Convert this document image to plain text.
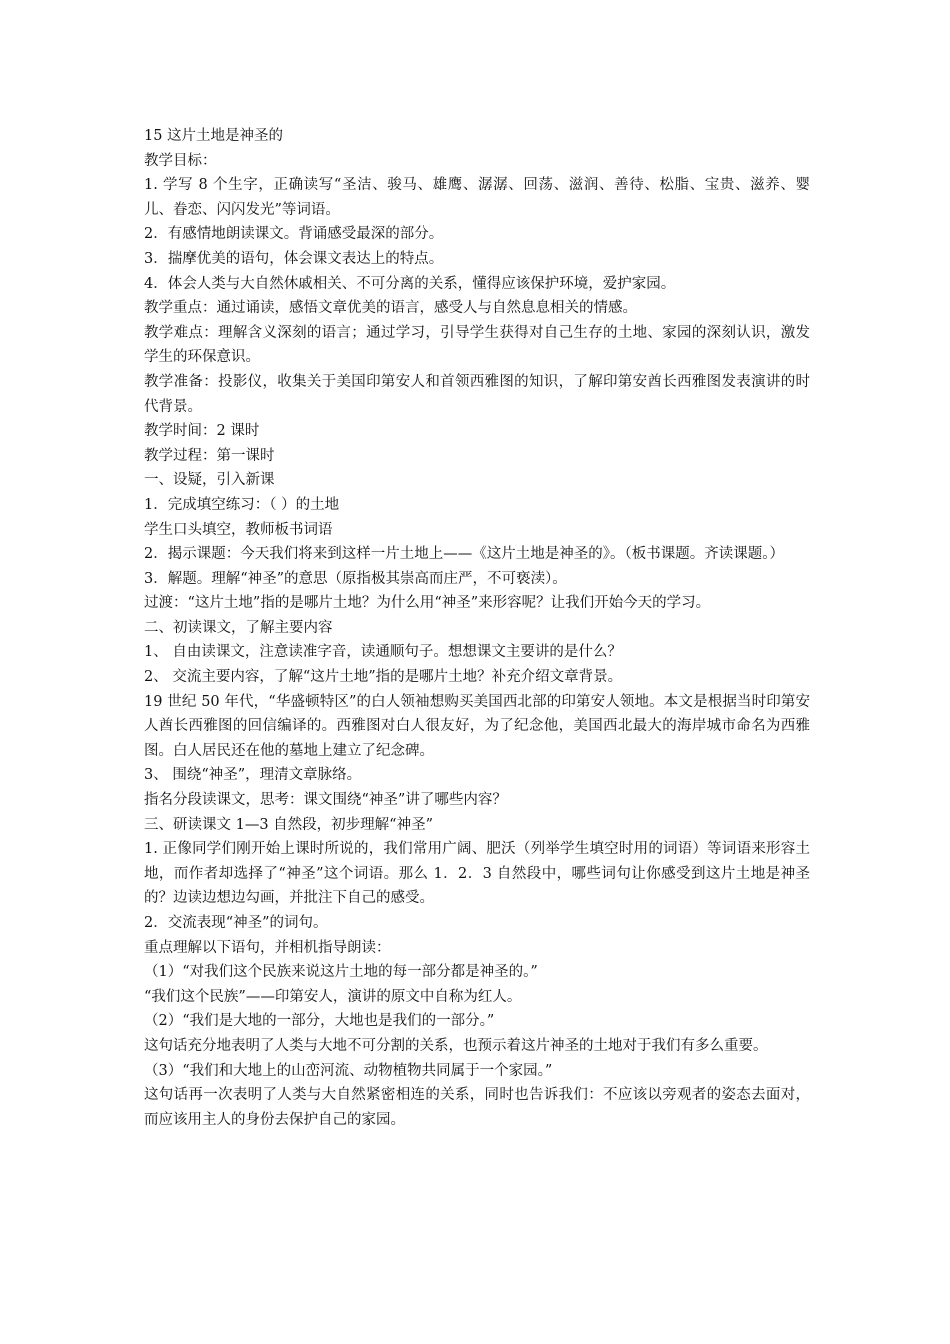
15 这片土地是神圣的

教学目标：

1. 学写 8 个生字，正确读写“圣洁、骏马、雄鹰、潺潺、回荡、滋润、善待、松脂、宝贵、滋养、婴儿、眷恋、闪闪发光”等词语。

2．有感情地朗读课文。背诵感受最深的部分。

3．揣摩优美的语句，体会课文表达上的特点。

4．体会人类与大自然休戚相关、不可分离的关系，懂得应该保护环境，爱护家园。

教学重点：通过诵读，感悟文章优美的语言，感受人与自然息息相关的情感。

教学难点：理解含义深刻的语言；通过学习，引导学生获得对自己生存的土地、家园的深刻认识，激发学生的环保意识。

教学准备：投影仪，收集关于美国印第安人和首领西雅图的知识，了解印第安酋长西雅图发表演讲的时代背景。

教学时间：2 课时

教学过程：第一课时

一、设疑，引入新课

1．完成填空练习：（ ）的土地

学生口头填空，教师板书词语

2．揭示课题：今天我们将来到这样一片土地上——《这片土地是神圣的》。（板书课题。齐读课题。）

3．解题。理解“神圣”的意思（原指极其崇高而庄严，不可亵渎）。

过渡：“这片土地”指的是哪片土地？为什么用“神圣”来形容呢？让我们开始今天的学习。

二、初读课文，了解主要内容

1、 自由读课文，注意读准字音，读通顺句子。想想课文主要讲的是什么？

2、 交流主要内容，了解“这片土地”指的是哪片土地？补充介绍文章背景。

19 世纪 50 年代，“华盛顿特区”的白人领袖想购买美国西北部的印第安人领地。本文是根据当时印第安人酋长西雅图的回信编译的。西雅图对白人很友好，为了纪念他，美国西北最大的海岸城市命名为西雅图。白人居民还在他的墓地上建立了纪念碑。

3、 围绕“神圣”，理清文章脉络。

指名分段读课文，思考：课文围绕“神圣”讲了哪些内容？

三、研读课文 1—3 自然段，初步理解“神圣”

1. 正像同学们刚开始上课时所说的，我们常用广阔、肥沃（列举学生填空时用的词语）等词语来形容土地，而作者却选择了“神圣”这个词语。那么 1．2．3 自然段中，哪些词句让你感受到这片土地是神圣的？边读边想边勾画，并批注下自己的感受。

2．交流表现“神圣”的词句。

重点理解以下语句，并相机指导朗读：

（1）“对我们这个民族来说这片土地的每一部分都是神圣的。”

“我们这个民族”——印第安人，演讲的原文中自称为红人。

（2）“我们是大地的一部分，大地也是我们的一部分。”

这句话充分地表明了人类与大地不可分割的关系，也预示着这片神圣的土地对于我们有多么重要。

（3）“我们和大地上的山峦河流、动物植物共同属于一个家园。”

这句话再一次表明了人类与大自然紧密相连的关系，同时也告诉我们：不应该以旁观者的姿态去面对，而应该用主人的身份去保护自己的家园。
